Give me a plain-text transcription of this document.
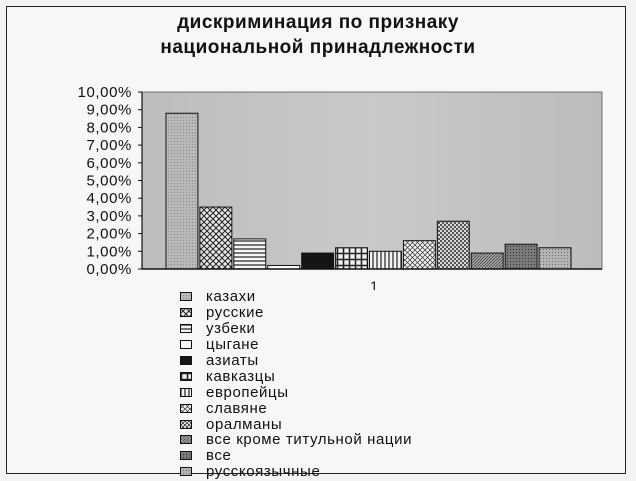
дискриминация по признаку
национальной принадлежности
0,00%
1,00%
2,00%
3,00%
4,00%
5,00%
6,00%
7,00%
8,00%
9,00%
10,00%
1
казахи
русские
узбеки
цыгане
азиаты
кавказцы
европейцы
славяне
оралманы
все кроме титульной нации
все
русскоязычные
